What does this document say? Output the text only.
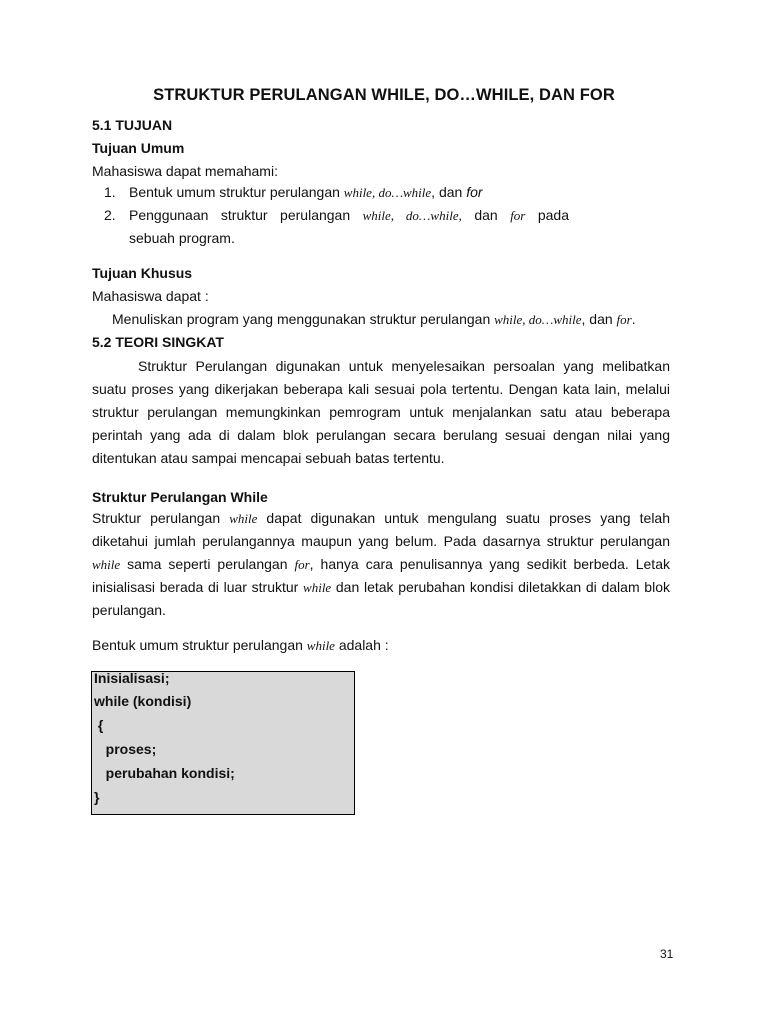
STRUKTUR PERULANGAN WHILE, DO…WHILE, DAN FOR
5.1 TUJUAN
Tujuan Umum
Mahasiswa dapat memahami:
1. Bentuk umum struktur perulangan while, do…while, dan for
2. Penggunaan struktur perulangan while, do…while, dan for pada
sebuah program.
Tujuan Khusus
Mahasiswa dapat :
Menuliskan program yang menggunakan struktur perulangan while, do…while, dan for.
5.2 TEORI SINGKAT
Struktur Perulangan digunakan untuk menyelesaikan persoalan yang melibatkan
suatu proses yang dikerjakan beberapa kali sesuai pola tertentu. Dengan kata lain, melalui
struktur perulangan memungkinkan pemrogram untuk menjalankan satu atau beberapa
perintah yang ada di dalam blok perulangan secara berulang sesuai dengan nilai yang
ditentukan atau sampai mencapai sebuah batas tertentu.
Struktur Perulangan While
Struktur perulangan while dapat digunakan untuk mengulang suatu proses yang telah
diketahui jumlah perulangannya maupun yang belum. Pada dasarnya struktur perulangan
while sama seperti perulangan for, hanya cara penulisannya yang sedikit berbeda. Letak
inisialisasi berada di luar struktur while dan letak perubahan kondisi diletakkan di dalam blok
perulangan.
Bentuk umum struktur perulangan while adalah :
Inisialisasi;
while (kondisi)
{
proses;
perubahan kondisi;
}
31
